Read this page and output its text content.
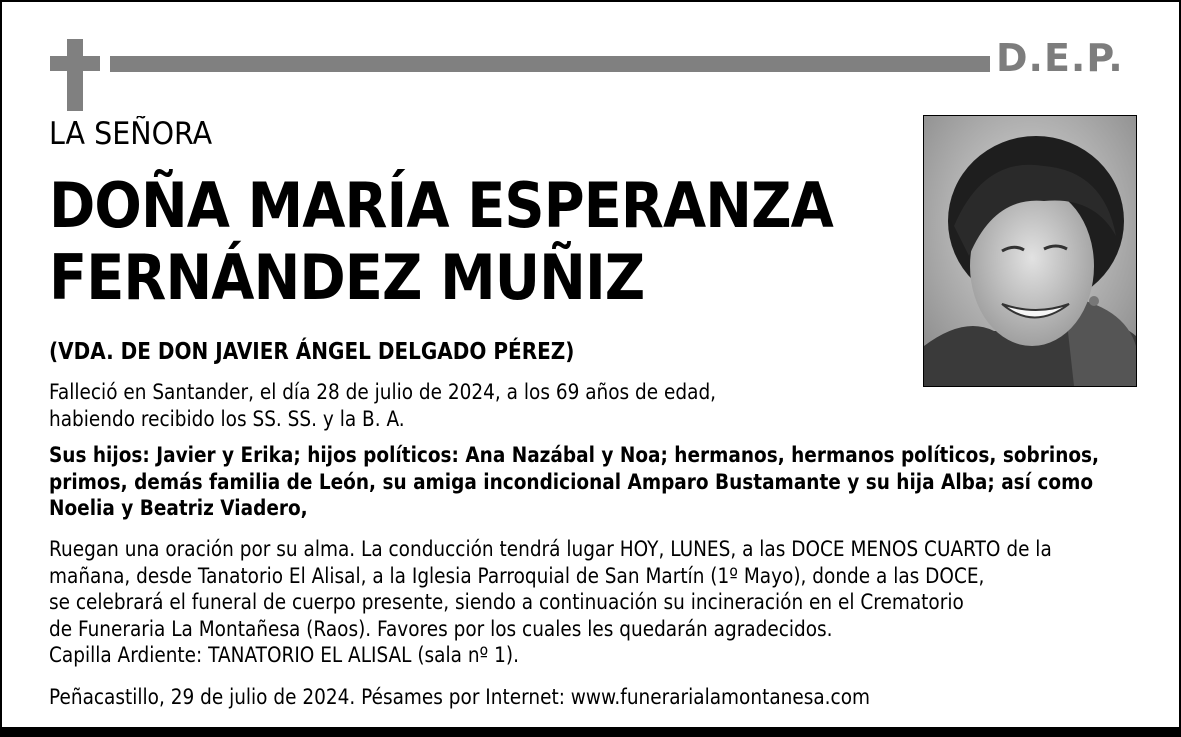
D.E.P.
LA SEÑORA
DOÑA MARÍA ESPERANZA
FERNÁNDEZ MUÑIZ
(VDA. DE DON JAVIER ÁNGEL DELGADO PÉREZ)
Falleció en Santander, el día 28 de julio de 2024, a los 69 años de edad,
habiendo recibido los SS. SS. y la B. A.
Sus hijos: Javier y Erika; hijos políticos: Ana Nazábal y Noa; hermanos, hermanos políticos, sobrinos,
primos, demás familia de León, su amiga incondicional Amparo Bustamante y su hija Alba; así como
Noelia y Beatriz Viadero,
Ruegan una oración por su alma. La conducción tendrá lugar HOY, LUNES, a las DOCE MENOS CUARTO de la
mañana, desde Tanatorio El Alisal, a la Iglesia Parroquial de San Martín (1º Mayo), donde a las DOCE,
se celebrará el funeral de cuerpo presente, siendo a continuación su incineración en el Crematorio
de Funeraria La Montañesa (Raos). Favores por los cuales les quedarán agradecidos.
Capilla Ardiente: TANATORIO EL ALISAL (sala nº 1).
Peñacastillo, 29 de julio de 2024. Pésames por Internet: www.funerarialamontanesa.com
